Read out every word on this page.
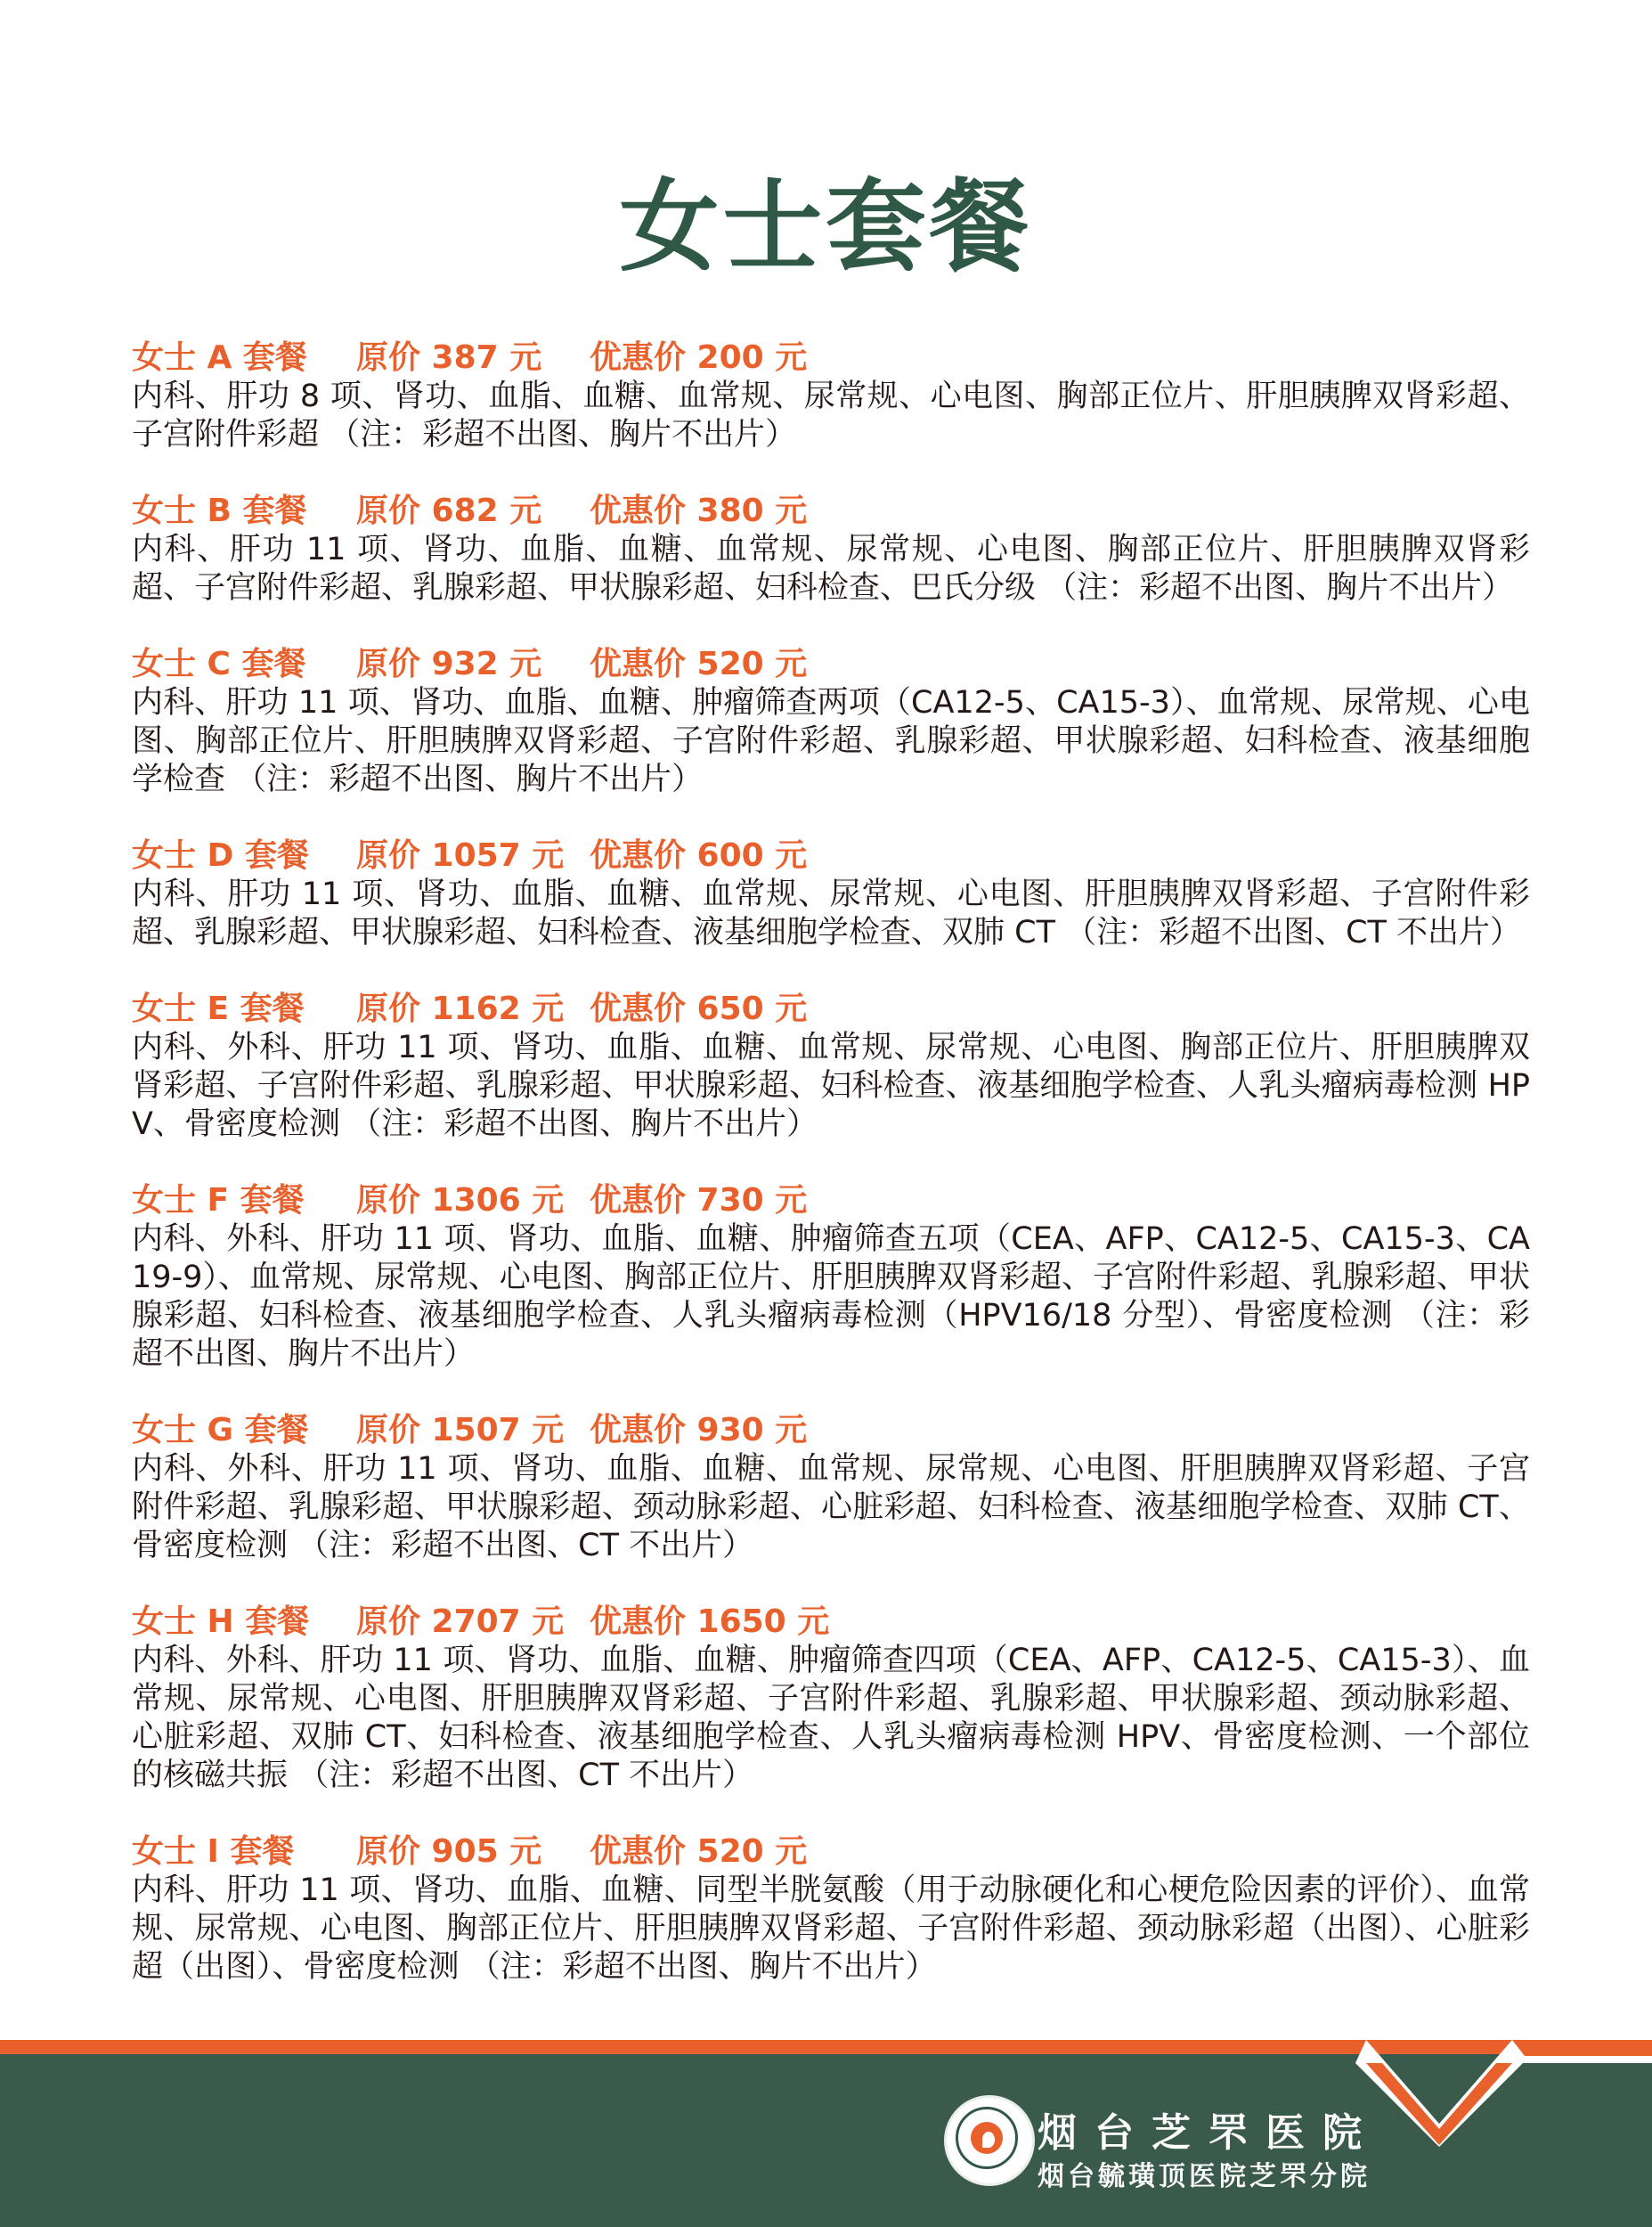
女士套餐
女士 A 套餐 原价 387 元 优惠价 200 元
内科、肝功 8 项、肾功、血脂、血糖、血常规、尿常规、心电图、胸部正位片、肝胆胰脾双肾彩超、子宫附件彩超 （注：彩超不出图、胸片不出片）
女士 B 套餐 原价 682 元 优惠价 380 元
内科、肝功 11 项、肾功、血脂、血糖、血常规、尿常规、心电图、胸部正位片、肝胆胰脾双肾彩超、子宫附件彩超、乳腺彩超、甲状腺彩超、妇科检查、巴氏分级 （注：彩超不出图、胸片不出片）
女士 C 套餐 原价 932 元 优惠价 520 元
内科、肝功 11 项、肾功、血脂、血糖、肿瘤筛查两项（CA12-5、CA15-3）、血常规、尿常规、心电图、胸部正位片、肝胆胰脾双肾彩超、子宫附件彩超、乳腺彩超、甲状腺彩超、妇科检查、液基细胞学检查 （注：彩超不出图、胸片不出片）
女士 D 套餐 原价 1057 元 优惠价 600 元
内科、肝功 11 项、肾功、血脂、血糖、血常规、尿常规、心电图、肝胆胰脾双肾彩超、子宫附件彩超、乳腺彩超、甲状腺彩超、妇科检查、液基细胞学检查、双肺 CT （注：彩超不出图、CT 不出片）
女士 E 套餐 原价 1162 元 优惠价 650 元
内科、外科、肝功 11 项、肾功、血脂、血糖、血常规、尿常规、心电图、胸部正位片、肝胆胰脾双肾彩超、子宫附件彩超、乳腺彩超、甲状腺彩超、妇科检查、液基细胞学检查、人乳头瘤病毒检测 HPV、骨密度检测 （注：彩超不出图、胸片不出片）
女士 F 套餐 原价 1306 元 优惠价 730 元
内科、外科、肝功 11 项、肾功、血脂、血糖、肿瘤筛查五项（CEA、AFP、CA12-5、CA15-3、CA19-9）、血常规、尿常规、心电图、胸部正位片、肝胆胰脾双肾彩超、子宫附件彩超、乳腺彩超、甲状腺彩超、妇科检查、液基细胞学检查、人乳头瘤病毒检测（HPV16/18 分型）、骨密度检测 （注：彩超不出图、胸片不出片）
女士 G 套餐 原价 1507 元 优惠价 930 元
内科、外科、肝功 11 项、肾功、血脂、血糖、血常规、尿常规、心电图、肝胆胰脾双肾彩超、子宫附件彩超、乳腺彩超、甲状腺彩超、颈动脉彩超、心脏彩超、妇科检查、液基细胞学检查、双肺 CT、骨密度检测 （注：彩超不出图、CT 不出片）
女士 H 套餐 原价 2707 元 优惠价 1650 元
内科、外科、肝功 11 项、肾功、血脂、血糖、肿瘤筛查四项（CEA、AFP、CA12-5、CA15-3）、血常规、尿常规、心电图、肝胆胰脾双肾彩超、子宫附件彩超、乳腺彩超、甲状腺彩超、颈动脉彩超、心脏彩超、双肺 CT、妇科检查、液基细胞学检查、人乳头瘤病毒检测 HPV、骨密度检测、一个部位的核磁共振 （注：彩超不出图、CT 不出片）
女士 I 套餐 原价 905 元 优惠价 520 元
内科、肝功 11 项、肾功、血脂、血糖、同型半胱氨酸（用于动脉硬化和心梗危险因素的评价）、血常规、尿常规、心电图、胸部正位片、肝胆胰脾双肾彩超、子宫附件彩超、颈动脉彩超（出图）、心脏彩超（出图）、骨密度检测 （注：彩超不出图、胸片不出片）
烟台芝罘医院
烟台毓璜顶医院芝罘分院
